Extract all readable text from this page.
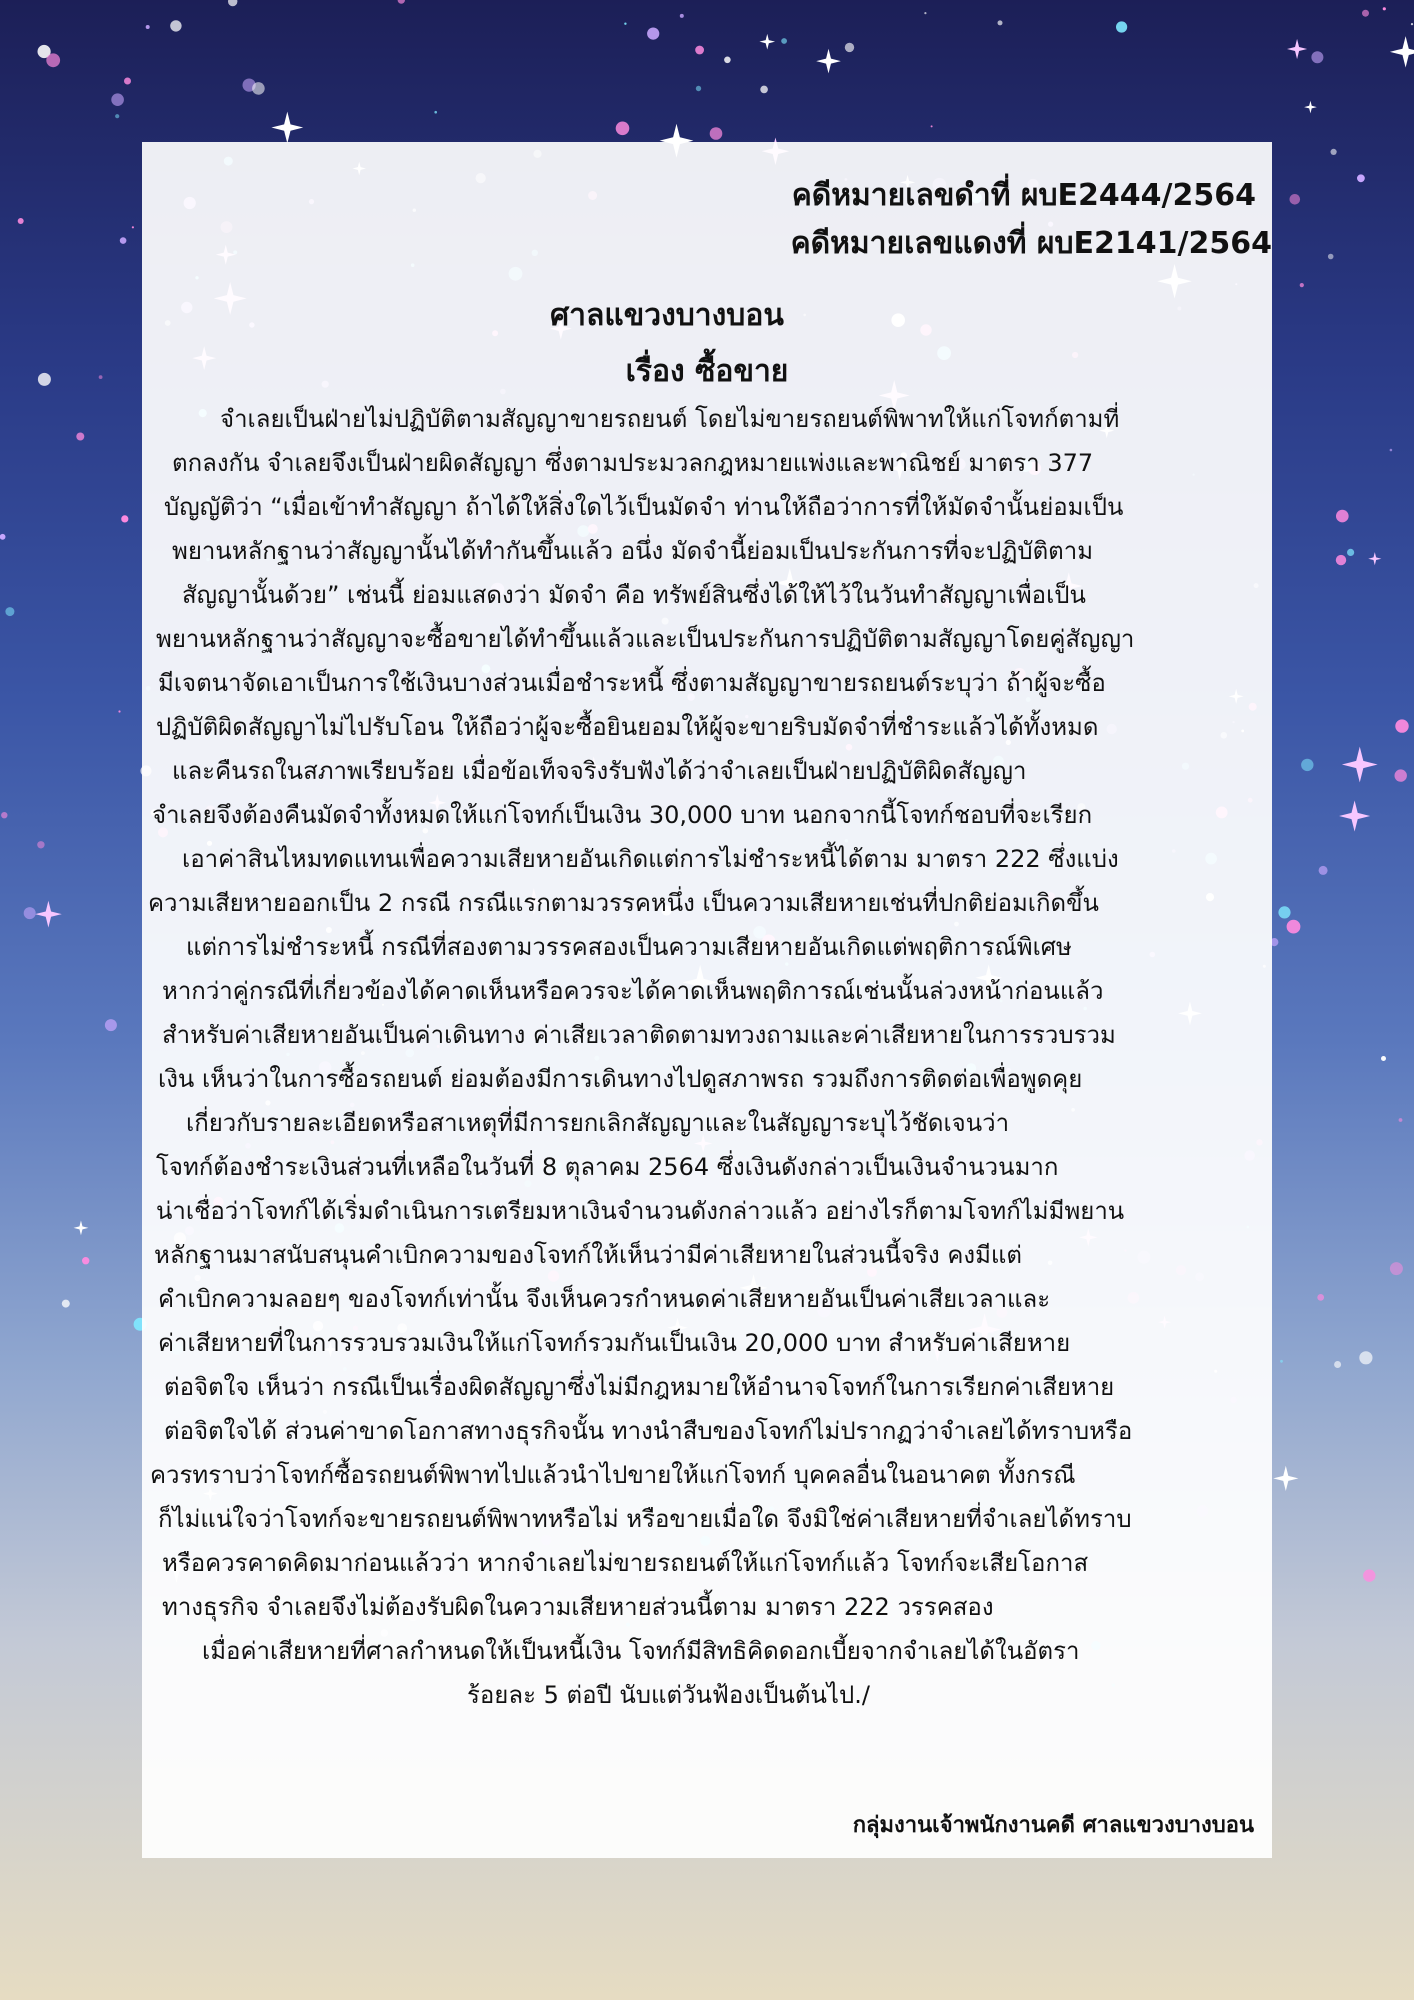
คดีหมายเลขดำที่ ผบE2444/2564
คดีหมายเลขแดงที่ ผบE2141/2564
ศาลแขวงบางบอน
เรื่อง ซื้อขาย
จำเลยเป็นฝ่ายไม่ปฏิบัติตามสัญญาขายรถยนต์ โดยไม่ขายรถยนต์พิพาทให้แก่โจทก์ตามที่
ตกลงกัน จำเลยจึงเป็นฝ่ายผิดสัญญา ซึ่งตามประมวลกฎหมายแพ่งและพาณิชย์ มาตรา 377
บัญญัติว่า “เมื่อเข้าทำสัญญา ถ้าได้ให้สิ่งใดไว้เป็นมัดจำ ท่านให้ถือว่าการที่ให้มัดจำนั้นย่อมเป็น
พยานหลักฐานว่าสัญญานั้นได้ทำกันขึ้นแล้ว อนึ่ง มัดจำนี้ย่อมเป็นประกันการที่จะปฏิบัติตาม
สัญญานั้นด้วย” เช่นนี้ ย่อมแสดงว่า มัดจำ คือ ทรัพย์สินซึ่งได้ให้ไว้ในวันทำสัญญาเพื่อเป็น
พยานหลักฐานว่าสัญญาจะซื้อขายได้ทำขึ้นแล้วและเป็นประกันการปฏิบัติตามสัญญาโดยคู่สัญญา
มีเจตนาจัดเอาเป็นการใช้เงินบางส่วนเมื่อชำระหนี้ ซึ่งตามสัญญาขายรถยนต์ระบุว่า ถ้าผู้จะซื้อ
ปฏิบัติผิดสัญญาไม่ไปรับโอน ให้ถือว่าผู้จะซื้อยินยอมให้ผู้จะขายริบมัดจำที่ชำระแล้วได้ทั้งหมด
และคืนรถในสภาพเรียบร้อย เมื่อข้อเท็จจริงรับฟังได้ว่าจำเลยเป็นฝ่ายปฏิบัติผิดสัญญา
จำเลยจึงต้องคืนมัดจำทั้งหมดให้แก่โจทก์เป็นเงิน 30,000 บาท นอกจากนี้โจทก์ชอบที่จะเรียก
เอาค่าสินไหมทดแทนเพื่อความเสียหายอันเกิดแต่การไม่ชำระหนี้ได้ตาม มาตรา 222 ซึ่งแบ่ง
ความเสียหายออกเป็น 2 กรณี กรณีแรกตามวรรคหนึ่ง เป็นความเสียหายเช่นที่ปกติย่อมเกิดขึ้น
แต่การไม่ชำระหนี้ กรณีที่สองตามวรรคสองเป็นความเสียหายอันเกิดแต่พฤติการณ์พิเศษ
หากว่าคู่กรณีที่เกี่ยวข้องได้คาดเห็นหรือควรจะได้คาดเห็นพฤติการณ์เช่นนั้นล่วงหน้าก่อนแล้ว
สำหรับค่าเสียหายอันเป็นค่าเดินทาง ค่าเสียเวลาติดตามทวงถามและค่าเสียหายในการรวบรวม
เงิน เห็นว่าในการซื้อรถยนต์ ย่อมต้องมีการเดินทางไปดูสภาพรถ รวมถึงการติดต่อเพื่อพูดคุย
เกี่ยวกับรายละเอียดหรือสาเหตุที่มีการยกเลิกสัญญาและในสัญญาระบุไว้ชัดเจนว่า
โจทก์ต้องชำระเงินส่วนที่เหลือในวันที่ 8 ตุลาคม 2564 ซึ่งเงินดังกล่าวเป็นเงินจำนวนมาก
น่าเชื่อว่าโจทก์ได้เริ่มดำเนินการเตรียมหาเงินจำนวนดังกล่าวแล้ว อย่างไรก็ตามโจทก์ไม่มีพยาน
หลักฐานมาสนับสนุนคำเบิกความของโจทก์ให้เห็นว่ามีค่าเสียหายในส่วนนี้จริง คงมีแต่
คำเบิกความลอยๆ ของโจทก์เท่านั้น จึงเห็นควรกำหนดค่าเสียหายอันเป็นค่าเสียเวลาและ
ค่าเสียหายที่ในการรวบรวมเงินให้แก่โจทก์รวมกันเป็นเงิน 20,000 บาท สำหรับค่าเสียหาย
ต่อจิตใจ เห็นว่า กรณีเป็นเรื่องผิดสัญญาซึ่งไม่มีกฎหมายให้อำนาจโจทก์ในการเรียกค่าเสียหาย
ต่อจิตใจได้ ส่วนค่าขาดโอกาสทางธุรกิจนั้น ทางนำสืบของโจทก์ไม่ปรากฏว่าจำเลยได้ทราบหรือ
ควรทราบว่าโจทก์ซื้อรถยนต์พิพาทไปแล้วนำไปขายให้แก่โจทก์ บุคคลอื่นในอนาคต ทั้งกรณี
ก็ไม่แน่ใจว่าโจทก์จะขายรถยนต์พิพาทหรือไม่ หรือขายเมื่อใด จึงมิใช่ค่าเสียหายที่จำเลยได้ทราบ
หรือควรคาดคิดมาก่อนแล้วว่า หากจำเลยไม่ขายรถยนต์ให้แก่โจทก์แล้ว โจทก์จะเสียโอกาส
ทางธุรกิจ จำเลยจึงไม่ต้องรับผิดในความเสียหายส่วนนี้ตาม มาตรา 222 วรรคสอง
เมื่อค่าเสียหายที่ศาลกำหนดให้เป็นหนี้เงิน โจทก์มีสิทธิคิดดอกเบี้ยจากจำเลยได้ในอัตรา
ร้อยละ 5 ต่อปี นับแต่วันฟ้องเป็นต้นไป./
กลุ่มงานเจ้าพนักงานคดี ศาลแขวงบางบอน
